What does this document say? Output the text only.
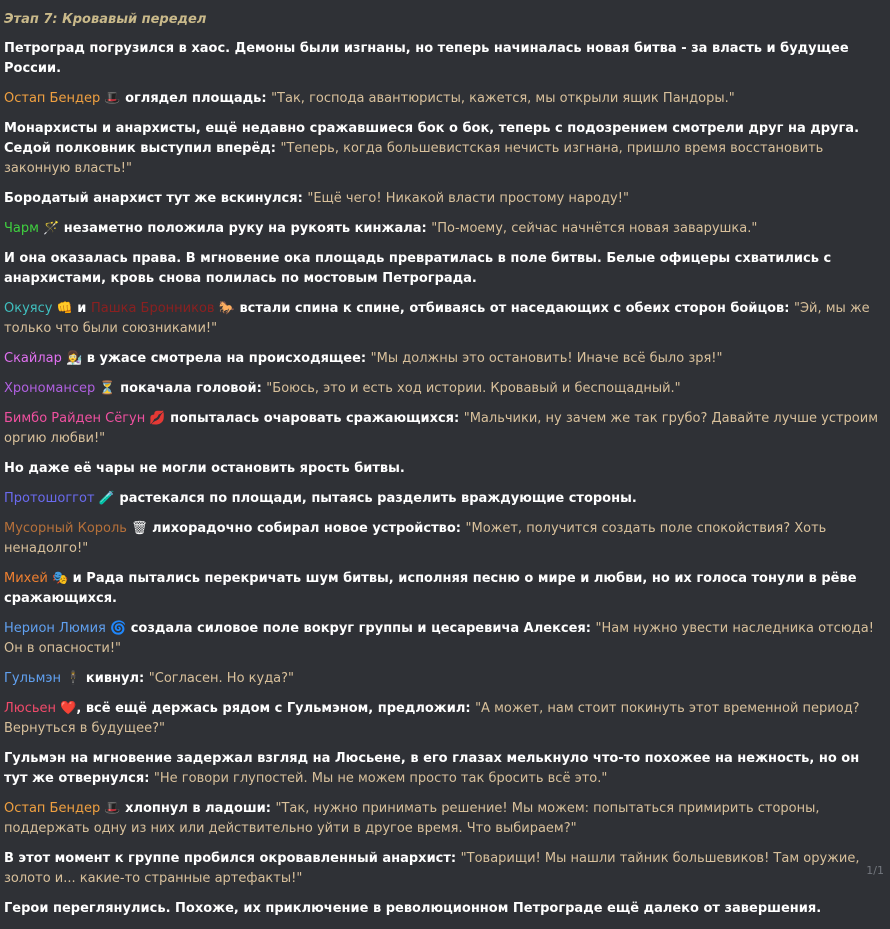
Этап 7: Кровавый передел
Петроград погрузился в хаос. Демоны были изгнаны, но теперь начиналась новая битва - за власть и будущее России.
Остап Бендер 🎩 оглядел площадь: "Так, господа авантюристы, кажется, мы открыли ящик Пандоры."
Монархисты и анархисты, ещё недавно сражавшиеся бок о бок, теперь с подозрением смотрели друг на друга. Седой полковник выступил вперёд: "Теперь, когда большевистская нечисть изгнана, пришло время восстановить законную власть!"
Бородатый анархист тут же вскинулся: "Ещё чего! Никакой власти простому народу!"
Чарм 🪄 незаметно положила руку на рукоять кинжала: "По-моему, сейчас начнётся новая заварушка."
И она оказалась права. В мгновение ока площадь превратилась в поле битвы. Белые офицеры схватились с анархистами, кровь снова полилась по мостовым Петрограда.
Окуясу 👊 и Пашка Бронников 🐎 встали спина к спине, отбиваясь от наседающих с обеих сторон бойцов: "Эй, мы же только что были союзниками!"
Скайлар 👩‍🔬 в ужасе смотрела на происходящее: "Мы должны это остановить! Иначе всё было зря!"
Хрономансер ⏳ покачала головой: "Боюсь, это и есть ход истории. Кровавый и беспощадный."
Бимбо Райден Сёгун 💋 попыталась очаровать сражающихся: "Мальчики, ну зачем же так грубо? Давайте лучше устроим оргию любви!"
Но даже её чары не могли остановить ярость битвы.
Протошоггот 🧪 растекался по площади, пытаясь разделить враждующие стороны.
Мусорный Король 🗑 лихорадочно собирал новое устройство: "Может, получится создать поле спокойствия? Хоть ненадолго!"
Михей 🎭 и Рада пытались перекричать шум битвы, исполняя песню о мире и любви, но их голоса тонули в рёве сражающихся.
Нерион Люмия 🌀 создала силовое поле вокруг группы и цесаревича Алексея: "Нам нужно увести наследника отсюда! Он в опасности!"
Гульмэн 🕴 кивнул: "Согласен. Но куда?"
Люсьен ❤️, всё ещё держась рядом с Гульмэном, предложил: "А может, нам стоит покинуть этот временной период? Вернуться в будущее?"
Гульмэн на мгновение задержал взгляд на Люсьене, в его глазах мелькнуло что-то похожее на нежность, но он тут же отвернулся: "Не говори глупостей. Мы не можем просто так бросить всё это."
Остап Бендер 🎩 хлопнул в ладоши: "Так, нужно принимать решение! Мы можем: попытаться примирить стороны, поддержать одну из них или действительно уйти в другое время. Что выбираем?"
В этот момент к группе пробился окровавленный анархист: "Товарищи! Мы нашли тайник большевиков! Там оружие, золото и... какие-то странные артефакты!"
Герои переглянулись. Похоже, их приключение в революционном Петрограде ещё далеко от завершения.
1/1
